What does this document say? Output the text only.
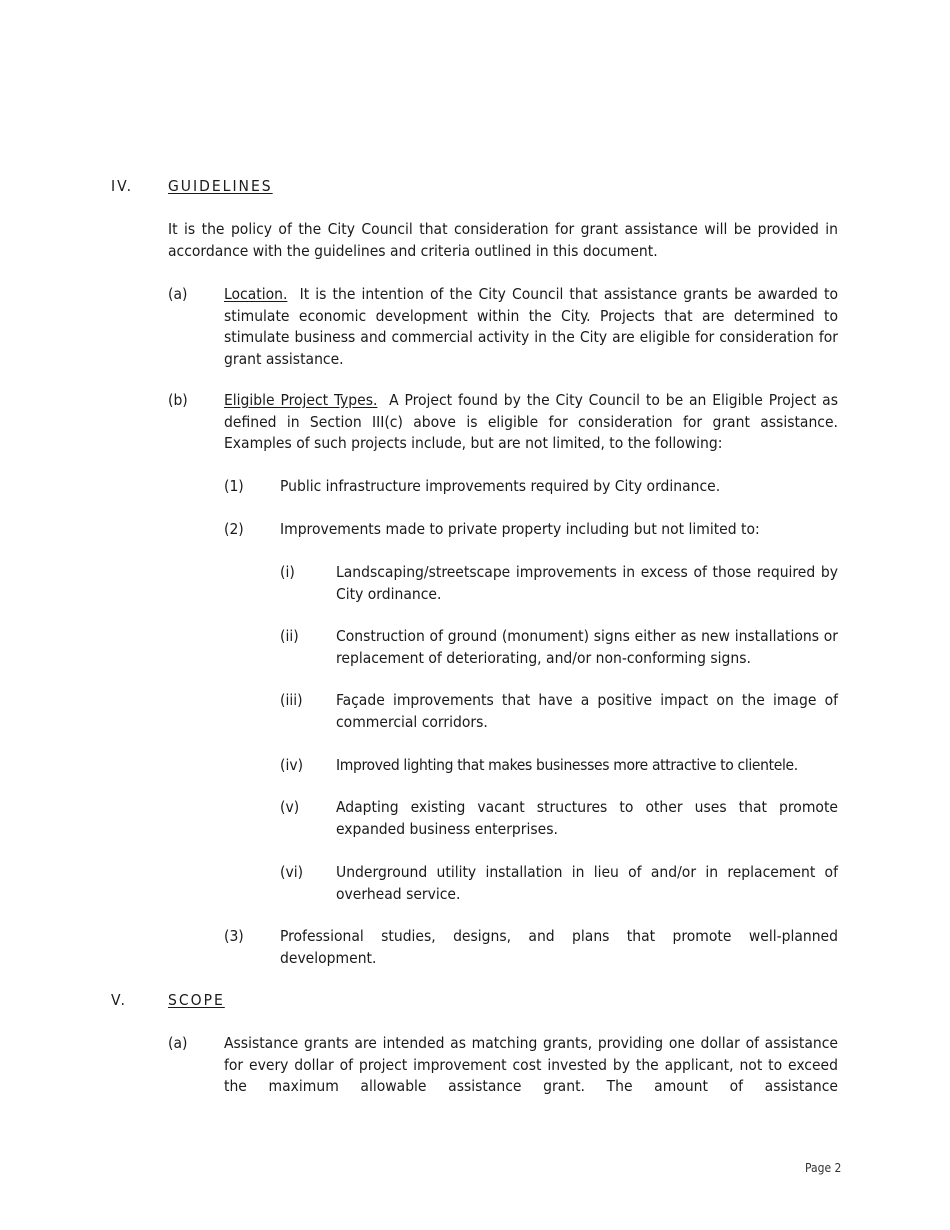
IV. GUIDELINES
It is the policy of the City Council that consideration for grant assistance will be provided in accordance with the guidelines and criteria outlined in this document.
(a) Location. It is the intention of the City Council that assistance grants be awarded to stimulate economic development within the City. Projects that are determined to stimulate business and commercial activity in the City are eligible for consideration for grant assistance.
(b) Eligible Project Types. A Project found by the City Council to be an Eligible Project as defined in Section III(c) above is eligible for consideration for grant assistance. Examples of such projects include, but are not limited, to the following:
(1) Public infrastructure improvements required by City ordinance.
(2) Improvements made to private property including but not limited to:
(i)	Landscaping/streetscape improvements in excess of those required by City ordinance.
(ii) Construction of ground (monument) signs either as new installations or replacement of deteriorating, and/or non-conforming signs.
(iii) Façade improvements that have a positive impact on the image of commercial corridors.
(iv) Improved lighting that makes businesses more attractive to clientele.
(v) Adapting existing vacant structures to other uses that promote expanded business enterprises.
(vi) Underground utility installation in lieu of and/or in replacement of overhead service.
(3) Professional studies, designs, and plans that promote well-planned development.
V.	SCOPE
(a) Assistance grants are intended as matching grants, providing one dollar of assistance for every dollar of project improvement cost invested by the applicant, not to exceed the maximum allowable assistance grant. The amount of assistance
Page 2
